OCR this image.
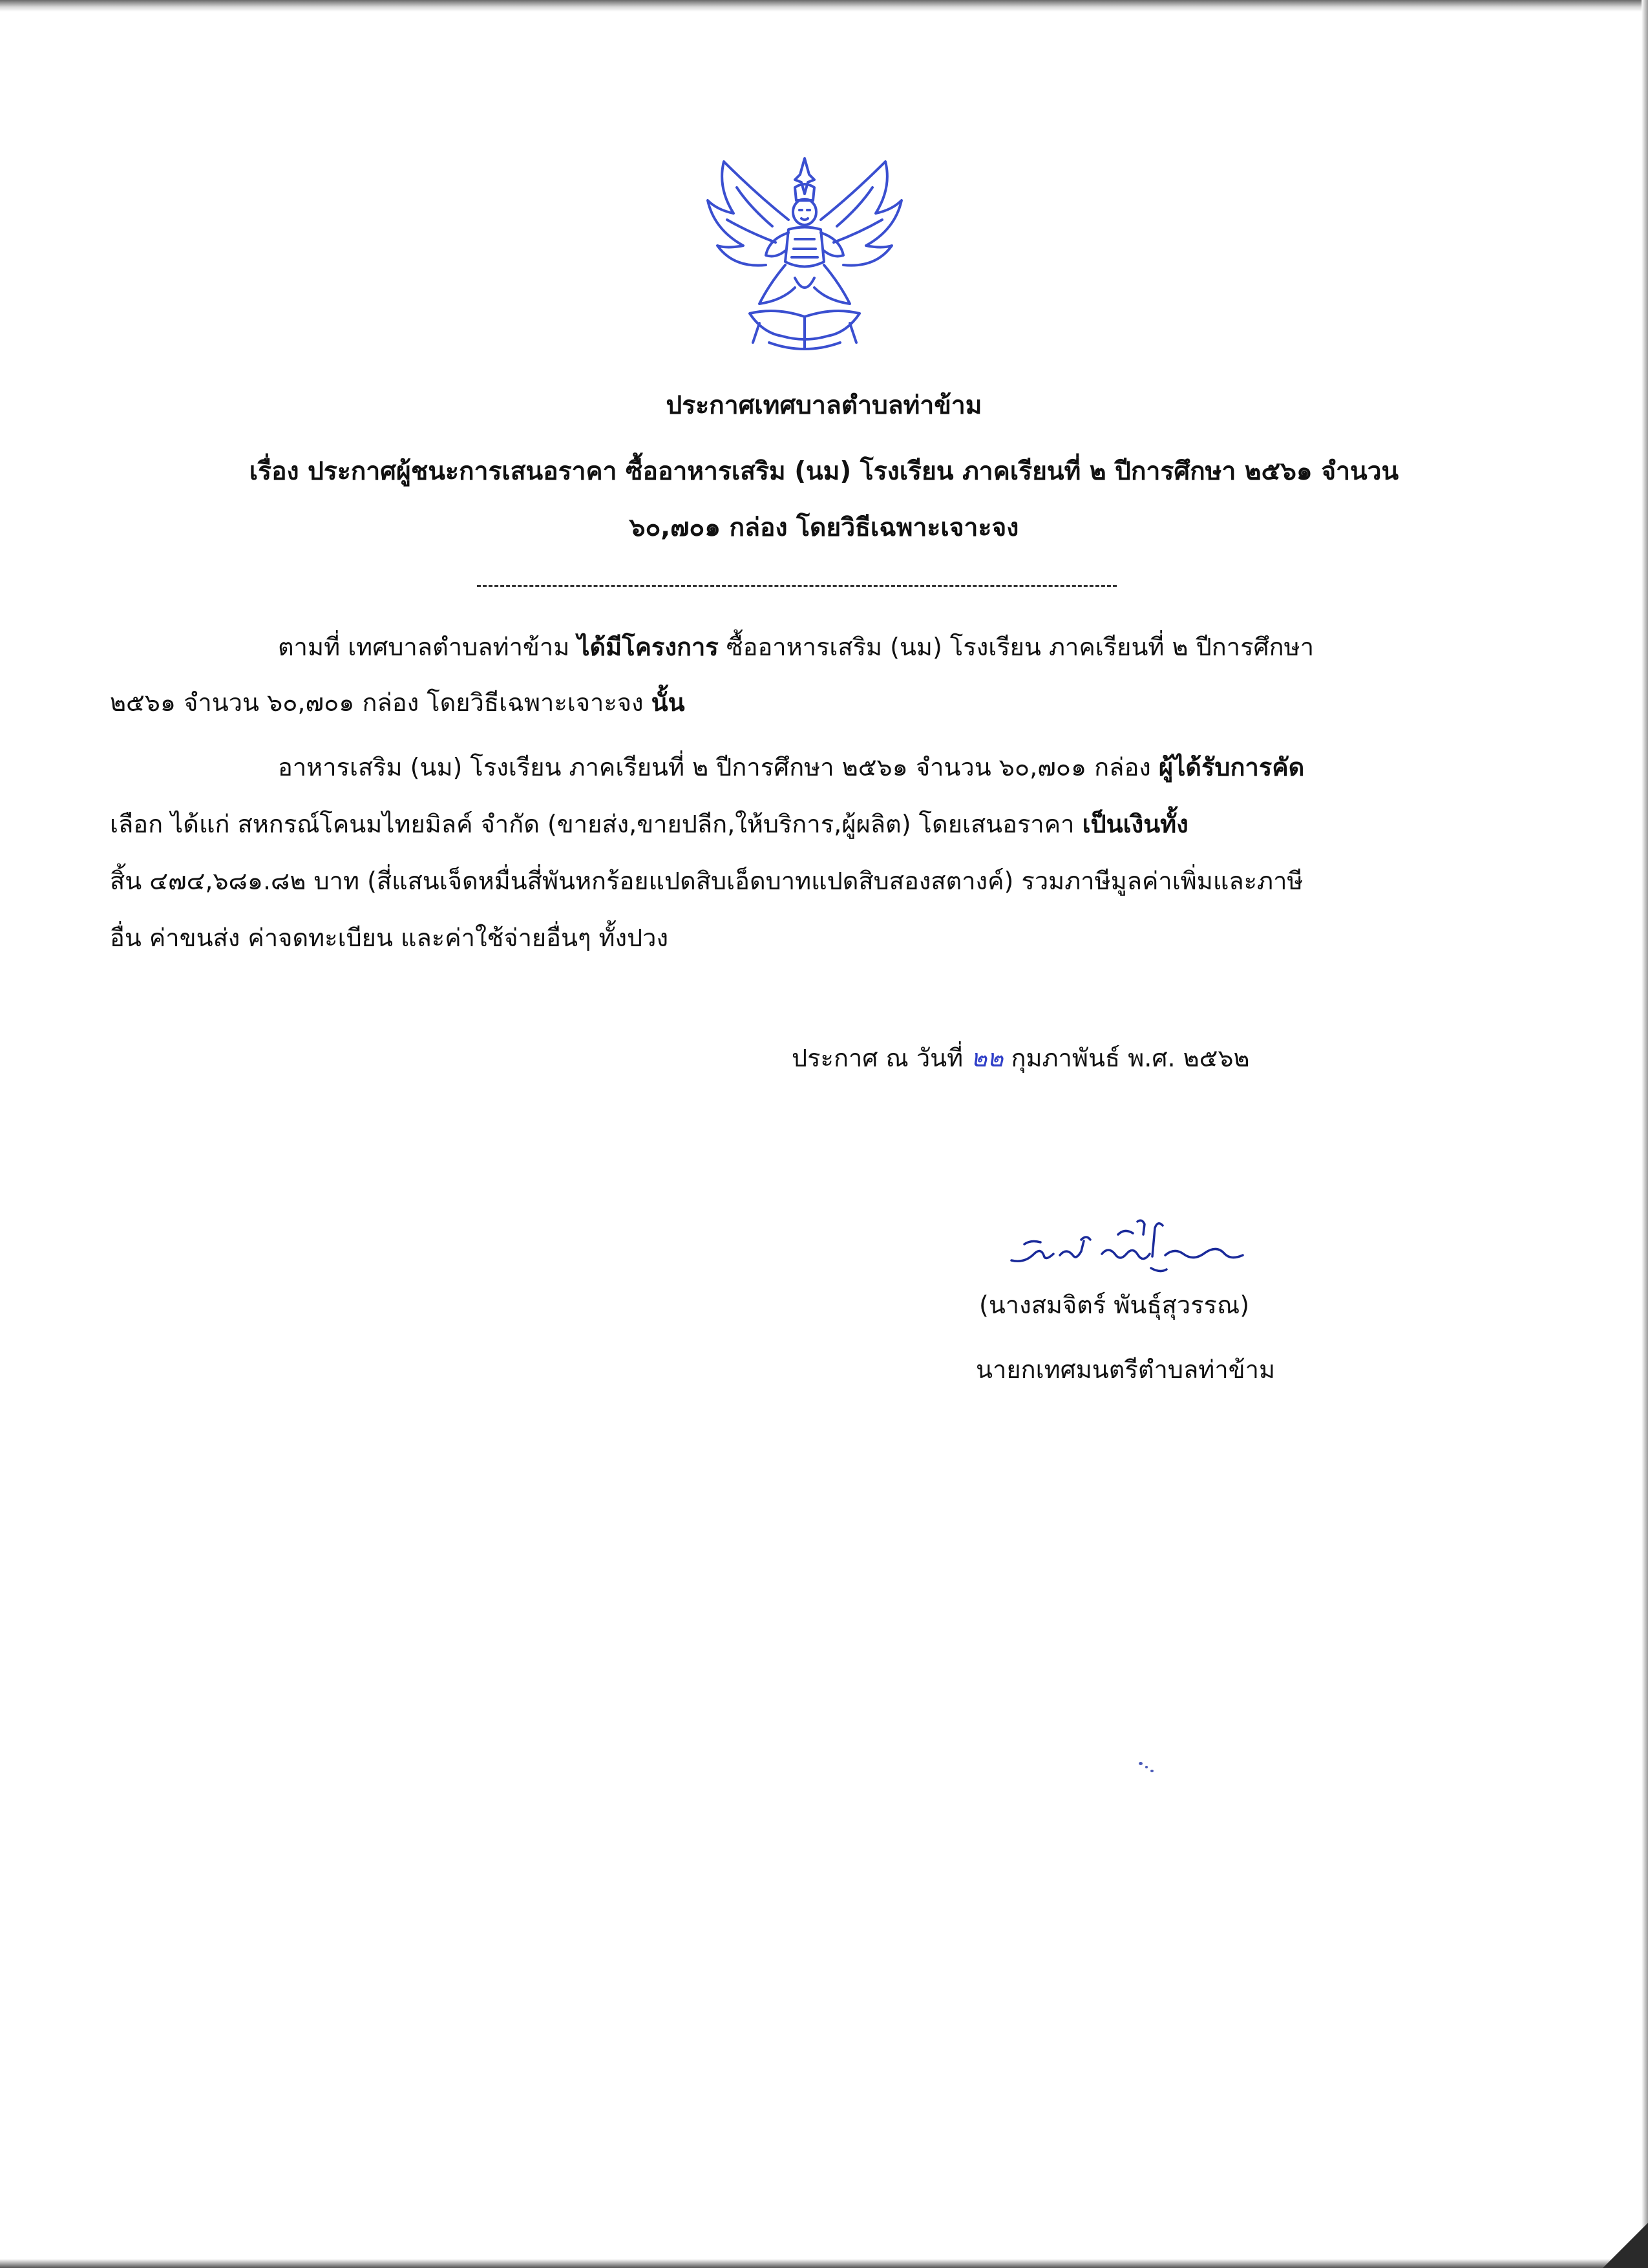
ประกาศเทศบาลตำบลท่าข้าม
เรื่อง ประกาศผู้ชนะการเสนอราคา ซื้ออาหารเสริม (นม) โรงเรียน ภาคเรียนที่ ๒ ปีการศึกษา ๒๕๖๑ จำนวน
๖๐,๗๐๑ กล่อง โดยวิธีเฉพาะเจาะจง
ตามที่ เทศบาลตำบลท่าข้าม ได้มีโครงการ ซื้ออาหารเสริม (นม) โรงเรียน ภาคเรียนที่ ๒ ปีการศึกษา
๒๕๖๑ จำนวน ๖๐,๗๐๑ กล่อง โดยวิธีเฉพาะเจาะจง นั้น
อาหารเสริม (นม) โรงเรียน ภาคเรียนที่ ๒ ปีการศึกษา ๒๕๖๑ จำนวน ๖๐,๗๐๑ กล่อง ผู้ได้รับการคัด
เลือก ได้แก่ สหกรณ์โคนมไทยมิลค์ จำกัด (ขายส่ง,ขายปลีก,ให้บริการ,ผู้ผลิต) โดยเสนอราคา เป็นเงินทั้ง
สิ้น ๔๗๔,๖๘๑.๘๒ บาท (สี่แสนเจ็ดหมื่นสี่พันหกร้อยแปดสิบเอ็ดบาทแปดสิบสองสตางค์) รวมภาษีมูลค่าเพิ่มและภาษี
อื่น ค่าขนส่ง ค่าจดทะเบียน และค่าใช้จ่ายอื่นๆ ทั้งปวง
ประกาศ ณ วันที่ ๒๒ กุมภาพันธ์ พ.ศ. ๒๕๖๒
(นางสมจิตร์ พันธุ์สุวรรณ)
นายกเทศมนตรีตำบลท่าข้าม
